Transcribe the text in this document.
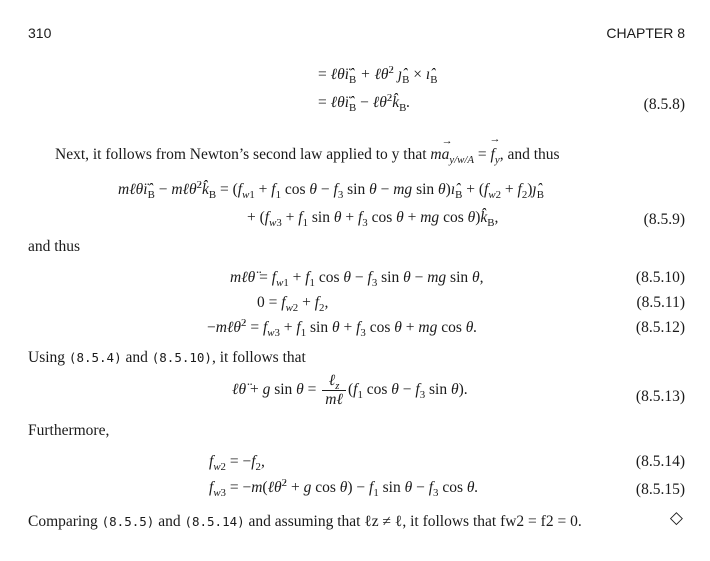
310	CHAPTER 8
= $\ell\thetäı̂_B$ + ℓθ̇$^2$ $ȷ̂_B$ × $ı̂_B$
= $\ell\thetäı̂_B$ − $\ell\thetȧ^2k̂_B$.	(8.5.8)
Next, it follows from Newton’s second law applied to y that
ma
→
$_{y/w/A}$ = f
→
$_y$, and thus
$m\ell\thetäı̂_B$ − $m\ell\thetȧ^2k̂_B = (f_{w1} + f_1$ $\cos \theta - f_3$ sin θ − mg $\sin \theta)ı̂_B + (f_{w2}$ + $f_2)ȷ̂_B$
+ ($f_{w3} + f_1$ $\sin \theta + f_3$ cos θ + mg $\cos \theta)k̂_B$,	(8.5.9)
and thus
mℓθ̈ = $f_{w1} + f_1$ $\cos \theta - f_3$ sin θ − mg sin θ,	(8.5.10)
$0 = f_{w2} + f_2$,	(8.5.11)
−mℓθ̇$^2$ = $f_{w3} + f_1$ $\sin \theta + f_3$ cos θ + mg cos θ.	(8.5.12)
Using (8.5.4) and (8.5.10), it follows that
ℓθ̈ + g $\sin \theta = \frac{\ell_z}{\text{mℓ}} (f_1$ $\cos \theta - f_3$ sin θ).	(8.5.13)
Furthermore,
$f_{w2} = -f_2$,	(8.5.14)
$f_{w3}$ = −m(ℓθ̇$^2$ + g $\cos \theta) - f_1$ $\sin \theta - f_3$ cos θ.	(8.5.15)
Comparing (8.5.5) and (8.5.14) and assuming that ℓz ≠ ℓ, it follows that fw2 = f2 = 0.	◇
